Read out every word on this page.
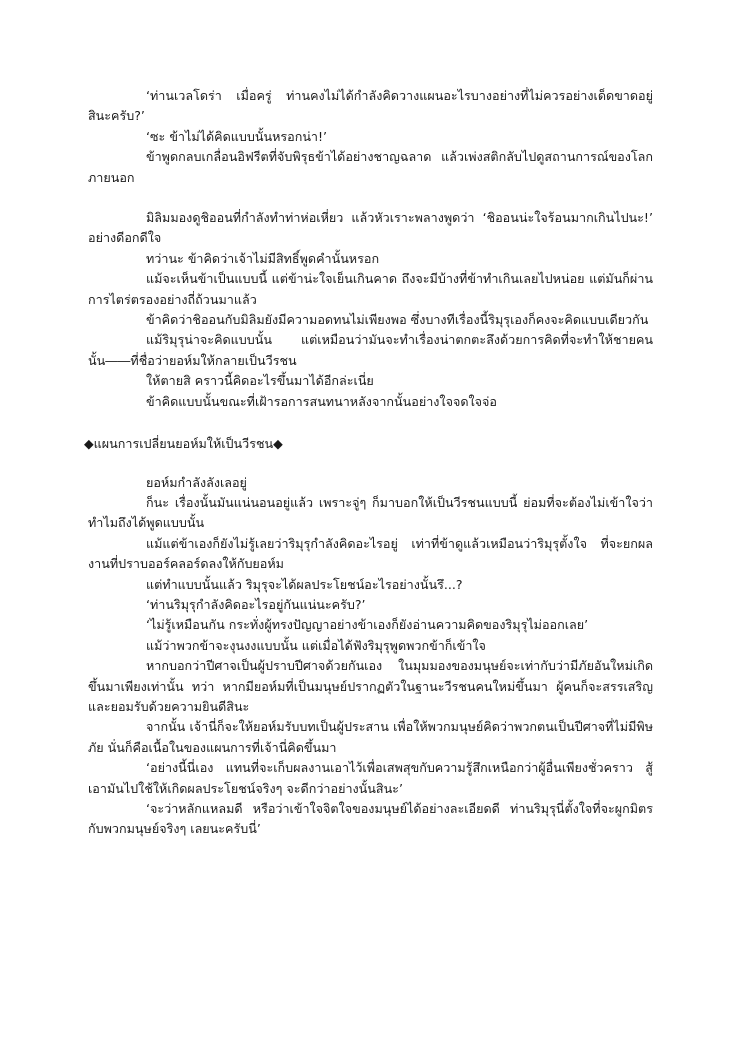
‘ท่านเวลโดร่า เมื่อครู่ ท่านคงไม่ได้กำลังคิดวางแผนอะไรบางอย่างที่ไม่ควรอย่างเด็ดขาดอยู่สินะครับ?’

‘ซะ ข้าไม่ได้คิดแบบนั้นหรอกน่า!’

ข้าพูดกลบเกลื่อนอิฟรีตที่จับพิรุธข้าได้อย่างชาญฉลาด แล้วเพ่งสติกลับไปดูสถานการณ์ของโลกภายนอก

มิลิมมองดูชิออนที่กำลังทำท่าห่อเหี่ยว แล้วหัวเราะพลางพูดว่า ‘ชิออนน่ะใจร้อนมากเกินไปนะ!’ อย่างดีอกดีใจ

ทว่านะ ข้าคิดว่าเจ้าไม่มีสิทธิ์พูดคำนั้นหรอก

แม้จะเห็นข้าเป็นแบบนี้ แต่ข้าน่ะใจเย็นเกินคาด ถึงจะมีบ้างที่ข้าทำเกินเลยไปหน่อย แต่มันก็ผ่านการไตร่ตรองอย่างถี่ถ้วนมาแล้ว

ข้าคิดว่าชิออนกับมิลิมยังมีความอดทนไม่เพียงพอ ซึ่งบางทีเรื่องนี้ริมุรุเองก็คงจะคิดแบบเดียวกัน

แม้ริมุรุน่าจะคิดแบบนั้น แต่เหมือนว่ามันจะทำเรื่องน่าตกตะลึงด้วยการคิดที่จะทำให้ชายคนนั้น――ที่ชื่อว่ายอห์มให้กลายเป็นวีรชน

ให้ตายสิ คราวนี้คิดอะไรขึ้นมาได้อีกล่ะเนี่ย

ข้าคิดแบบนั้นขณะที่เฝ้ารอการสนทนาหลังจากนั้นอย่างใจจดใจจ่อ

◆แผนการเปลี่ยนยอห์มให้เป็นวีรชน◆

ยอห์มกำลังลังเลอยู่

ก็นะ เรื่องนั้นมันแน่นอนอยู่แล้ว เพราะจู่ๆ ก็มาบอกให้เป็นวีรชนแบบนี้ ย่อมที่จะต้องไม่เข้าใจว่าทำไมถึงได้พูดแบบนั้น

แม้แต่ข้าเองก็ยังไม่รู้เลยว่าริมุรุกำลังคิดอะไรอยู่ เท่าที่ข้าดูแล้วเหมือนว่าริมุรุตั้งใจ ที่จะยกผลงานที่ปราบออร์คลอร์ดลงให้กับยอห์ม

แต่ทำแบบนั้นแล้ว ริมุรุจะได้ผลประโยชน์อะไรอย่างนั้นรึ...?

‘ท่านริมุรุกำลังคิดอะไรอยู่กันแน่นะครับ?’

‘ไม่รู้เหมือนกัน กระทั่งผู้ทรงปัญญาอย่างข้าเองก็ยังอ่านความคิดของริมุรุไม่ออกเลย’

แม้ว่าพวกข้าจะงุนงงแบบนั้น แต่เมื่อได้ฟังริมุรุพูดพวกข้าก็เข้าใจ

หากบอกว่าปีศาจเป็นผู้ปราบปีศาจด้วยกันเอง ในมุมมองของมนุษย์จะเท่ากับว่ามีภัยอันใหม่เกิดขึ้นมาเพียงเท่านั้น ทว่า หากมียอห์มที่เป็นมนุษย์ปรากฏตัวในฐานะวีรชนคนใหม่ขึ้นมา ผู้คนก็จะสรรเสริญและยอมรับด้วยความยินดีสินะ

จากนั้น เจ้านี่ก็จะให้ยอห์มรับบทเป็นผู้ประสาน เพื่อให้พวกมนุษย์คิดว่าพวกตนเป็นปีศาจที่ไม่มีพิษภัย นั่นก็คือเนื้อในของแผนการที่เจ้านี่คิดขึ้นมา

‘อย่างนี้นี่เอง แทนที่จะเก็บผลงานเอาไว้เพื่อเสพสุขกับความรู้สึกเหนือกว่าผู้อื่นเพียงชั่วคราว สู้เอามันไปใช้ให้เกิดผลประโยชน์จริงๆ จะดีกว่าอย่างนั้นสินะ’

‘จะว่าหลักแหลมดี หรือว่าเข้าใจจิตใจของมนุษย์ได้อย่างละเอียดดี ท่านริมุรุนี่ตั้งใจที่จะผูกมิตรกับพวกมนุษย์จริงๆ เลยนะครับนี่’
